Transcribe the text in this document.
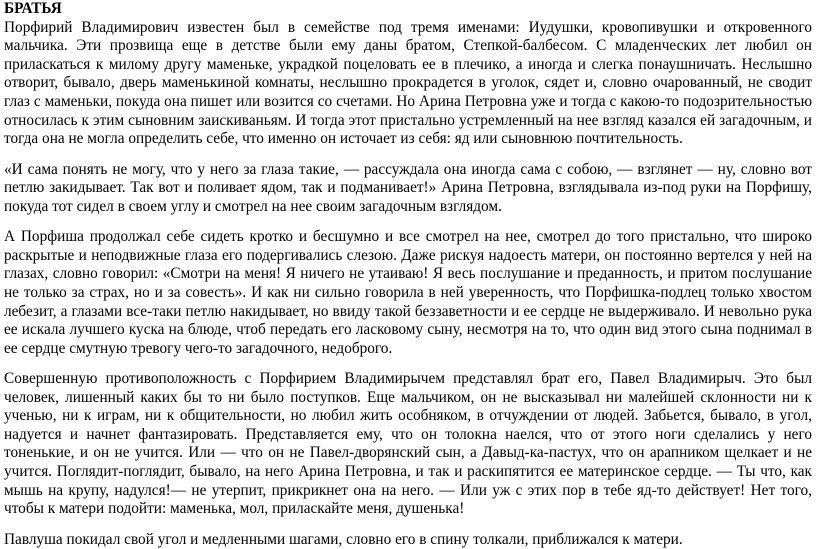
БРАТЬЯ

Порфирий Владимирович известен был в семействе под тремя именами: Иудушки, кровопивушки и откровенного мальчика. Эти прозвища еще в детстве были ему даны братом, Степкой-балбесом. С младенческих лет любил он приласкаться к милому другу маменьке, украдкой поцеловать ее в плечико, а иногда и слегка понаушничать. Неслышно отворит, бывало, дверь маменькиной комнаты, неслышно прокрадется в уголок, сядет и, словно очарованный, не сводит глаз с маменьки, покуда она пишет или возится со счетами. Но Арина Петровна уже и тогда с какою-то подозрительностью относилась к этим сыновним заискиваньям. И тогда этот пристально устремленный на нее взгляд казался ей загадочным, и тогда она не могла определить себе, что именно он источает из себя: яд или сыновнюю почтительность.

«И сама понять не могу, что у него за глаза такие, — рассуждала она иногда сама с собою, — взглянет — ну, словно вот петлю закидывает. Так вот и поливает ядом, так и подманивает!» Арина Петровна, взглядывала из-под руки на Порфишу, покуда тот сидел в своем углу и смотрел на нее своим загадочным взглядом.

А Порфиша продолжал себе сидеть кротко и бесшумно и все смотрел на нее, смотрел до того пристально, что широко раскрытые и неподвижные глаза его подергивались слезою. Даже рискуя надоесть матери, он постоянно вертелся у ней на глазах, словно говорил: «Смотри на меня! Я ничего не утаиваю! Я весь послушание и преданность, и притом послушание не только за страх, но и за совесть». И как ни сильно говорила в ней уверенность, что Порфишка-подлец только хвостом лебезит, а глазами все-таки петлю накидывает, но ввиду такой беззаветности и ее сердце не выдерживало. И невольно рука ее искала лучшего куска на блюде, чтоб передать его ласковому сыну, несмотря на то, что один вид этого сына поднимал в ее сердце смутную тревогу чего-то загадочного, недоброго.

Совершенную противоположность с Порфирием Владимирычем представлял брат его, Павел Владимирыч. Это был человек, лишенный каких бы то ни было поступков. Еще мальчиком, он не высказывал ни малейшей склонности ни к ученью, ни к играм, ни к общительности, но любил жить особняком, в отчуждении от людей. Забьется, бывало, в угол, надуется и начнет фантазировать. Представляется ему, что он толокна наелся, что от этого ноги сделались у него тоненькие, и он не учится. Или — что он не Павел-дворянский сын, а Давыд-ка-пастух, что он арапником щелкает и не учится. Поглядит-поглядит, бывало, на него Арина Петровна, и так и раскипятится ее материнское сердце. — Ты что, как мышь на крупу, надулся!— не утерпит, прикрикнет она на него. — Или уж с этих пор в тебе яд-то действует! Нет того, чтобы к матери подойти: маменька, мол, приласкайте меня, душенька!

Павлуша покидал свой угол и медленными шагами, словно его в спину толкали, приближался к матери.
